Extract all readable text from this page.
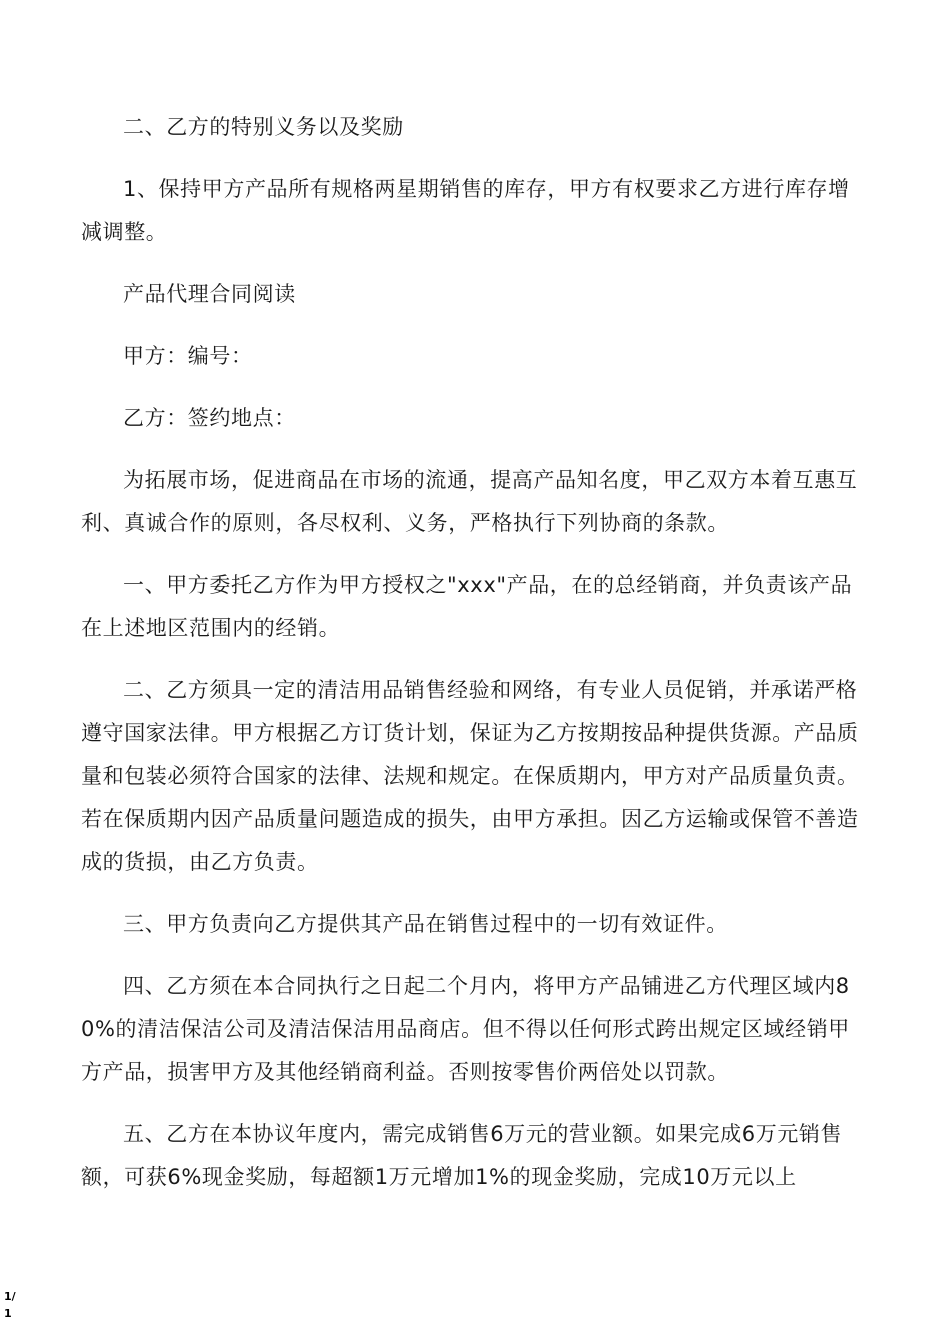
二、乙方的特别义务以及奖励

1、保持甲方产品所有规格两星期销售的库存，甲方有权要求乙方进行库存增减调整。

产品代理合同阅读

甲方：编号：

乙方：签约地点：

为拓展市场，促进商品在市场的流通，提高产品知名度，甲乙双方本着互惠互利、真诚合作的原则，各尽权利、义务，严格执行下列协商的条款。

一、甲方委托乙方作为甲方授权之"xxx"产品，在的总经销商，并负责该产品在上述地区范围内的经销。

二、乙方须具一定的清洁用品销售经验和网络，有专业人员促销，并承诺严格遵守国家法律。甲方根据乙方订货计划，保证为乙方按期按品种提供货源。产品质量和包装必须符合国家的法律、法规和规定。在保质期内，甲方对产品质量负责。若在保质期内因产品质量问题造成的损失，由甲方承担。因乙方运输或保管不善造成的货损，由乙方负责。

三、甲方负责向乙方提供其产品在销售过程中的一切有效证件。

四、乙方须在本合同执行之日起二个月内，将甲方产品铺进乙方代理区域内80%的清洁保洁公司及清洁保洁用品商店。但不得以任何形式跨出规定区域经销甲方产品，损害甲方及其他经销商利益。否则按零售价两倍处以罚款。

五、乙方在本协议年度内，需完成销售6万元的营业额。如果完成6万元销售额，可获6%现金奖励，每超额1万元增加1%的现金奖励，完成10万元以上

1/1
